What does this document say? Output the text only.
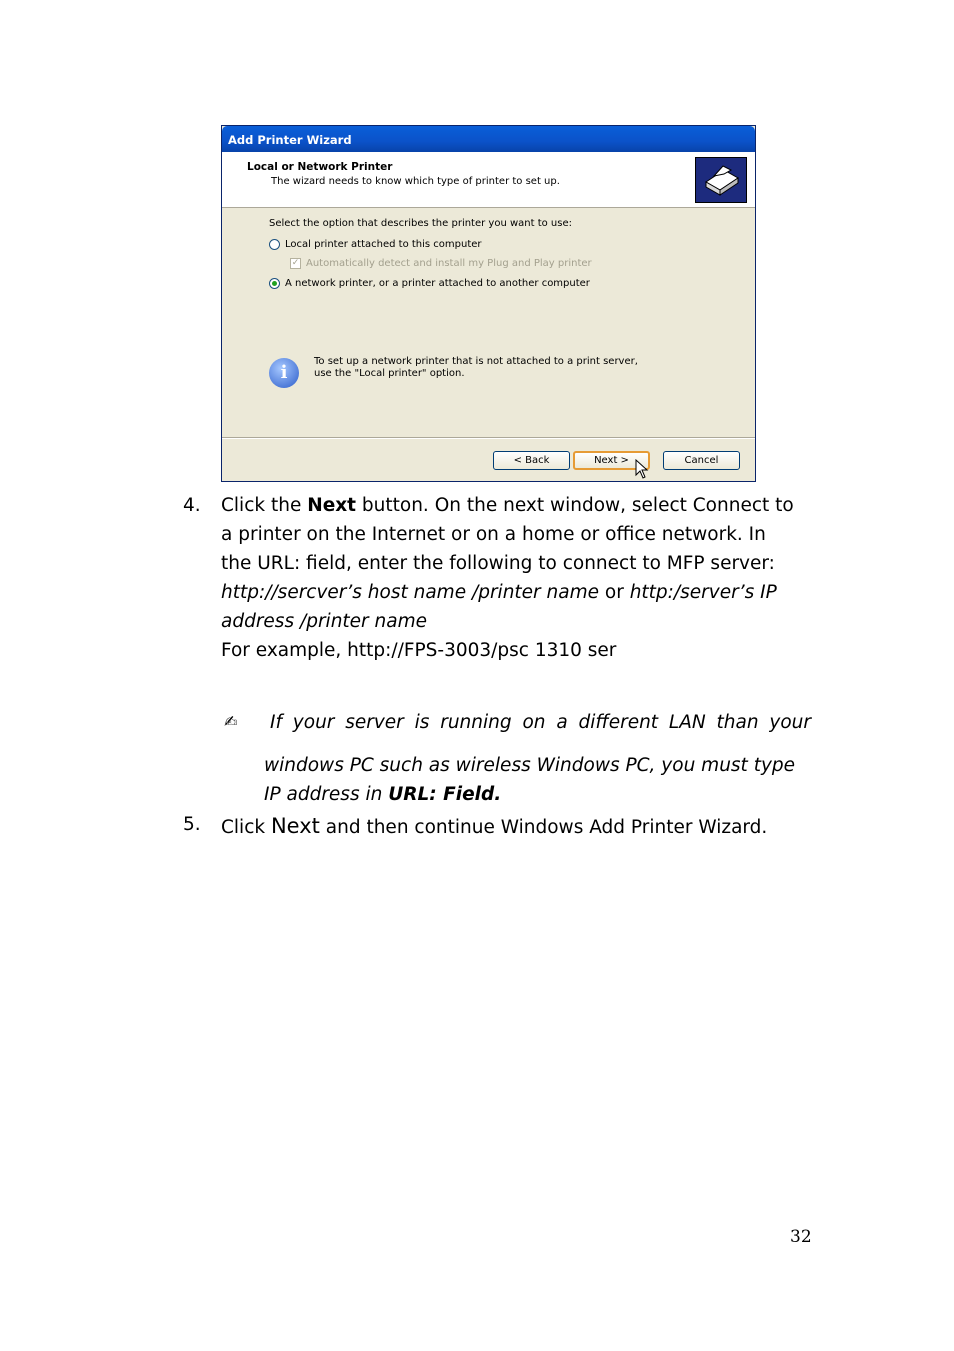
Add Printer Wizard
Local or Network Printer
The wizard needs to know which type of printer to set up.
Select the option that describes the printer you want to use:
Local printer attached to this computer
✓ Automatically detect and install my Plug and Play printer
A network printer, or a printer attached to another computer
i
To set up a network printer that is not attached to a print server,
use the "Local printer" option.
< Back	Next >	Cancel
4. Click the Next button. On the next window, select Connect to
a printer on the Internet or on a home or office network. In
the URL: field, enter the following to connect to MFP server:
http://sercver’s host name /printer name or http:/server’s IP
address /printer name
For example, http://FPS-3003/psc 1310 ser
✍ If your server is running on a different LAN than your
windows PC such as wireless Windows PC, you must type
IP address in URL: Field.
5. Click Next and then continue Windows Add Printer Wizard.
32
